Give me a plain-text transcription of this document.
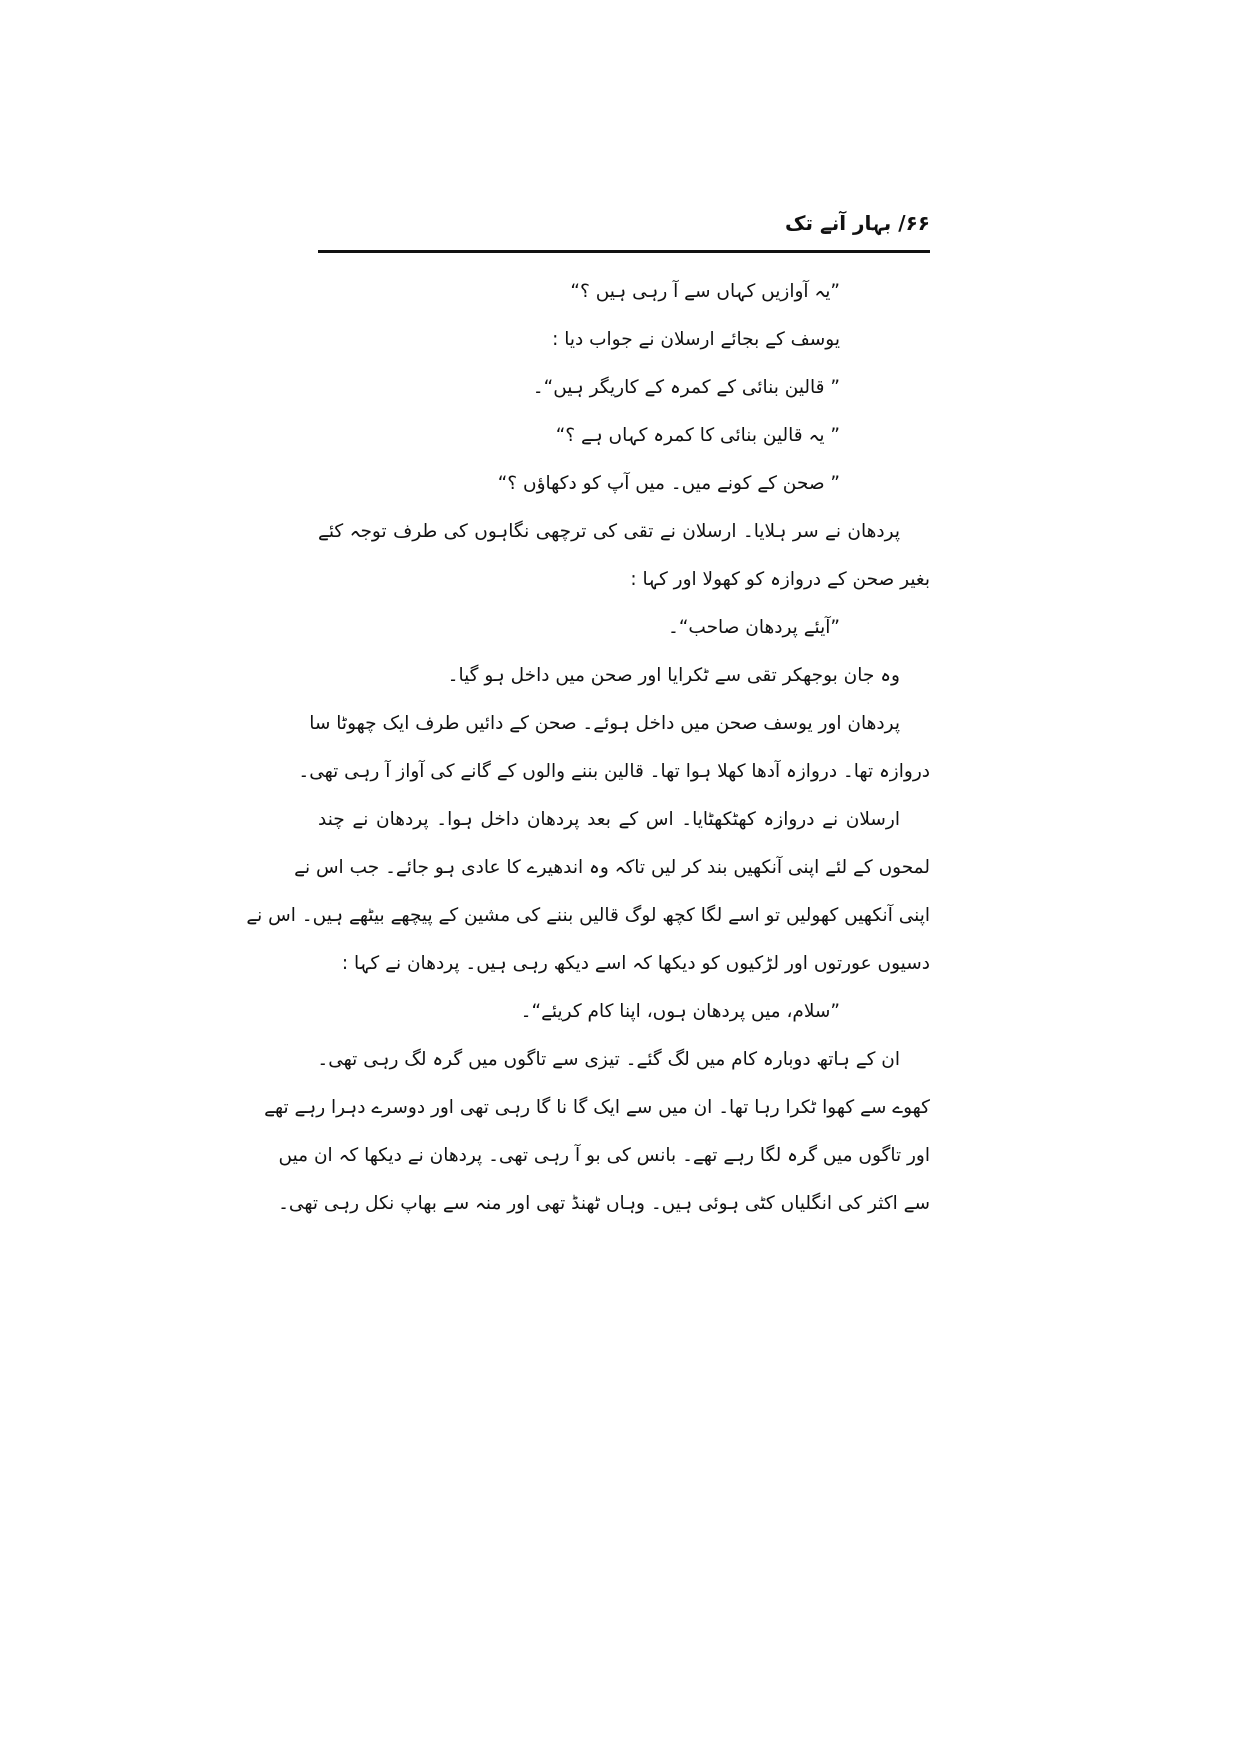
۶۶/ بہار آنے تک
”یہ آوازیں کہاں سے آ رہی ہیں ؟“
یوسف کے بجائے ارسلان نے جواب دیا :
” قالین بنائی کے کمرہ کے کاریگر ہیں“۔
” یہ قالین بنائی کا کمرہ کہاں ہے ؟“
” صحن کے کونے میں۔ میں آپ کو دکھاؤں ؟“
پردھان نے سر ہلایا۔ ارسلان نے تقی کی ترچھی نگاہوں کی طرف توجہ کئے
بغیر صحن کے دروازہ کو کھولا اور کہا :
”آیئے پردھان صاحب“۔
وہ جان بوجھکر تقی سے ٹکرایا اور صحن میں داخل ہو گیا۔
پردھان اور یوسف صحن میں داخل ہوئے۔ صحن کے دائیں طرف ایک چھوٹا سا
دروازہ تھا۔ دروازہ آدھا کھلا ہوا تھا۔ قالین بننے والوں کے گانے کی آواز آ رہی تھی۔
ارسلان نے دروازہ کھٹکھٹایا۔ اس کے بعد پردھان داخل ہوا۔ پردھان نے چند
لمحوں کے لئے اپنی آنکھیں بند کر لیں تاکہ وہ اندھیرے کا عادی ہو جائے۔ جب اس نے
اپنی آنکھیں کھولیں تو اسے لگا کچھ لوگ قالیں بننے کی مشین کے پیچھے بیٹھے ہیں۔ اس نے
دسیوں عورتوں اور لڑکیوں کو دیکھا کہ اسے دیکھ رہی ہیں۔ پردھان نے کہا :
”سلام، میں پردھان ہوں، اپنا کام کریئے“۔
ان کے ہاتھ دوبارہ کام میں لگ گئے۔ تیزی سے تاگوں میں گرہ لگ رہی تھی۔
کھوے سے کھوا ٹکرا رہا تھا۔ ان میں سے ایک گا نا گا رہی تھی اور دوسرے دہرا رہے تھے
اور تاگوں میں گرہ لگا رہے تھے۔ بانس کی بو آ رہی تھی۔ پردھان نے دیکھا کہ ان میں
سے اکثر کی انگلیاں کٹی ہوئی ہیں۔ وہاں ٹھنڈ تھی اور منہ سے بھاپ نکل رہی تھی۔
